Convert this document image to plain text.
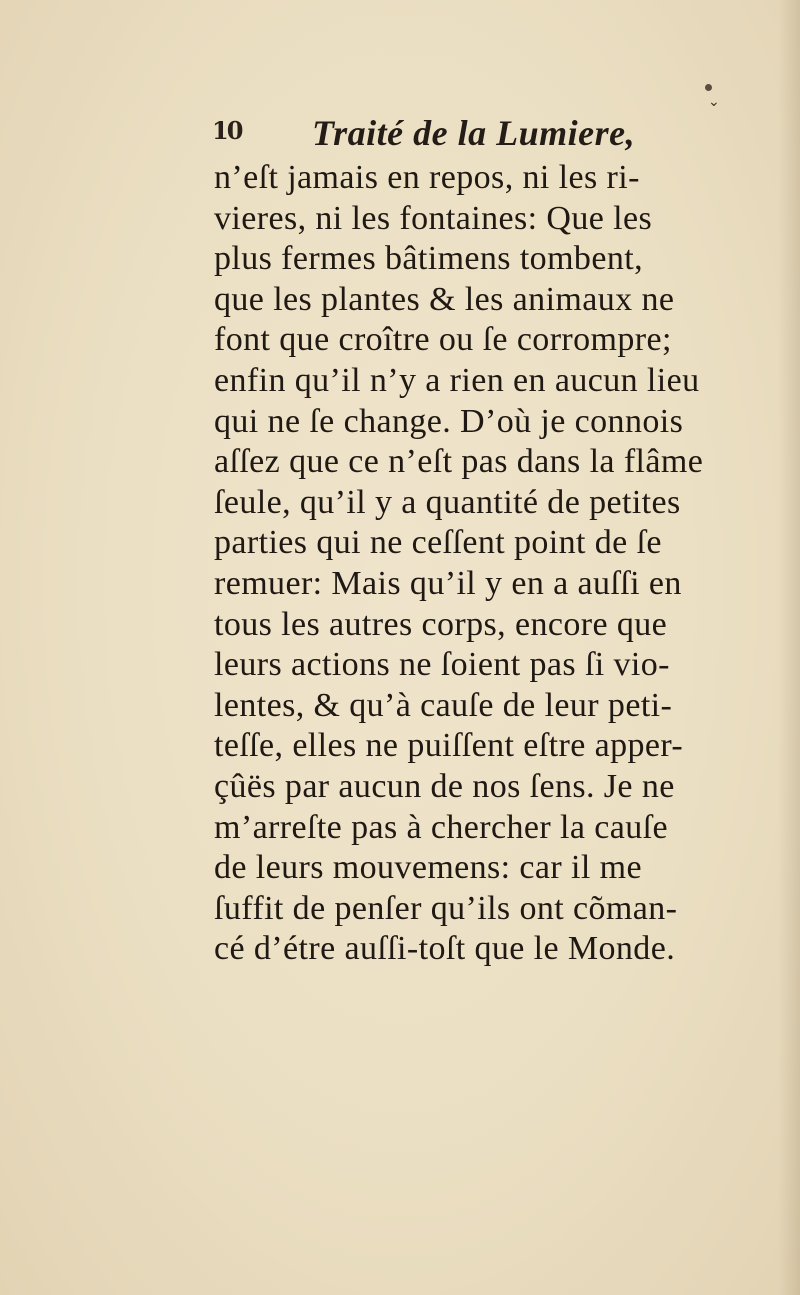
⌄
10 Traité de la Lumiere,
n’eſt jamais en repos, ni les ri-
vieres, ni les fontaines: Que les
plus fermes bâtimens tombent,
que les plantes & les animaux ne
font que croître ou ſe corrompre;
enfin qu’il n’y a rien en aucun lieu
qui ne ſe change. D’où je connois
aſſez que ce n’eſt pas dans la flâme
ſeule, qu’il y a quantité de petites
parties qui ne ceſſent point de ſe
remuer: Mais qu’il y en a auſſi en
tous les autres corps, encore que
leurs actions ne ſoient pas ſi vio-
lentes, & qu’à cauſe de leur peti-
teſſe, elles ne puiſſent eſtre apper-
çûës par aucun de nos ſens. Je ne
m’arreſte pas à chercher la cauſe
de leurs mouvemens: car il me
ſuffit de penſer qu’ils ont cõman-
cé d’étre auſſi-toſt que le Monde.
